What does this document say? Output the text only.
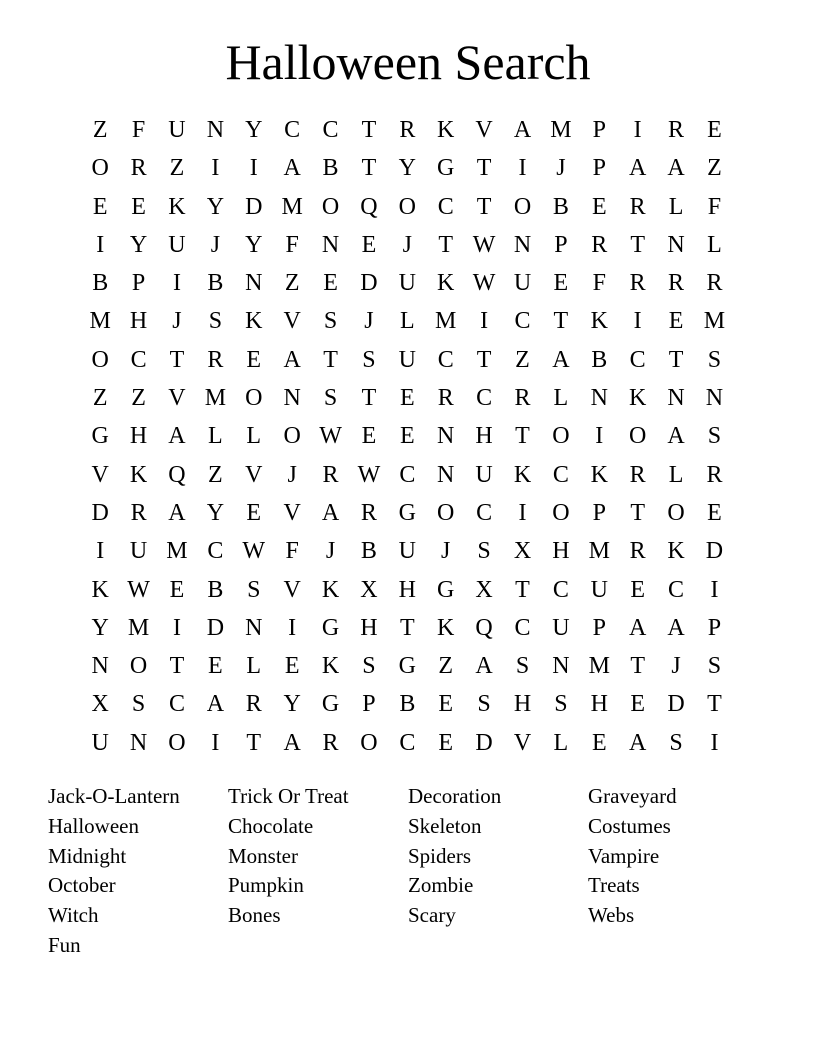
Halloween Search
Z	F U N Y C C T R K V A M P	I	R E
O R Z	I	I	A B T Y G T	I	J	P A A Z
E E K Y D M O Q O C T O B E R L	F
I	Y U	J	Y F N E	J	T W N P R T N L
B P	I	B N Z E D U K W U E	F R R R
M H	J	S K V S	J	L M I	C T K	I	E M
O C T R E A T	S U C T Z A B C T	S
Z Z V M O N S	T E R C R L N K N N
G H A L L O W E E N H T O	I	O A S
V K Q Z V	J	R W C N U K C K R L R
D R A Y E V A R G O C	I	O P	T O E
I	U M C W F	J	B U	J	S X H M R K D
K W E B S V K X H G X T C U E C	I
Y M I	D N	I	G H T K Q C U P A A P
N O T E L E K S G Z A S N M T	J	S
X S C A R Y G P B E	S H S H E D T
U N O	I	T A R O C E D V L E A S	I
Jack-O-Lantern	Trick Or Treat	Decoration	Graveyard
Halloween	Chocolate	Skeleton	Costumes
Midnight	Monster	Spiders	Vampire
October	Pumpkin	Zombie	Treats
Witch	Bones	Scary	Webs
Fun
